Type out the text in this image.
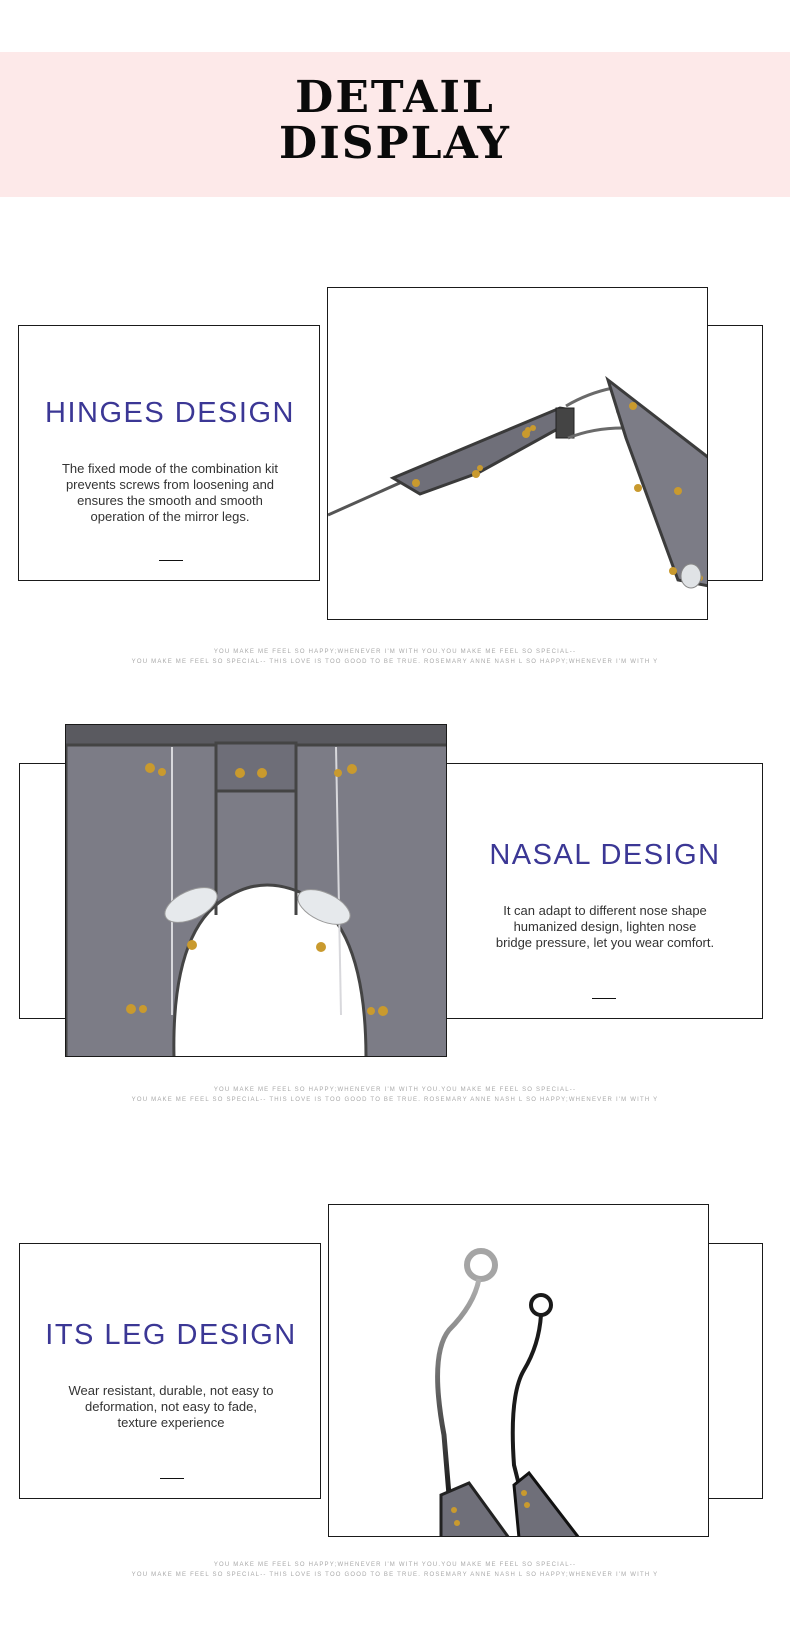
DETAIL
DISPLAY
HINGES DESIGN
The fixed mode of the combination kit
prevents screws from loosening and
ensures the smooth and smooth
operation of the mirror legs.
YOU MAKE ME FEEL SO HAPPY;WHENEVER I'M WITH YOU.YOU MAKE ME FEEL SO SPECIAL--
YOU MAKE ME FEEL SO SPECIAL-- THIS LOVE IS TOO GOOD TO BE TRUE. ROSEMARY ANNE NASH L SO HAPPY;WHENEVER I'M WITH Y
NASAL DESIGN
It can adapt to different nose shape
humanized design, lighten nose
bridge pressure, let you wear comfort.
YOU MAKE ME FEEL SO HAPPY;WHENEVER I'M WITH YOU.YOU MAKE ME FEEL SO SPECIAL--
YOU MAKE ME FEEL SO SPECIAL-- THIS LOVE IS TOO GOOD TO BE TRUE. ROSEMARY ANNE NASH L SO HAPPY;WHENEVER I'M WITH Y
ITS LEG DESIGN
Wear resistant, durable, not easy to
deformation, not easy to fade,
texture experience
YOU MAKE ME FEEL SO HAPPY;WHENEVER I'M WITH YOU.YOU MAKE ME FEEL SO SPECIAL--
YOU MAKE ME FEEL SO SPECIAL-- THIS LOVE IS TOO GOOD TO BE TRUE. ROSEMARY ANNE NASH L SO HAPPY;WHENEVER I'M WITH Y
